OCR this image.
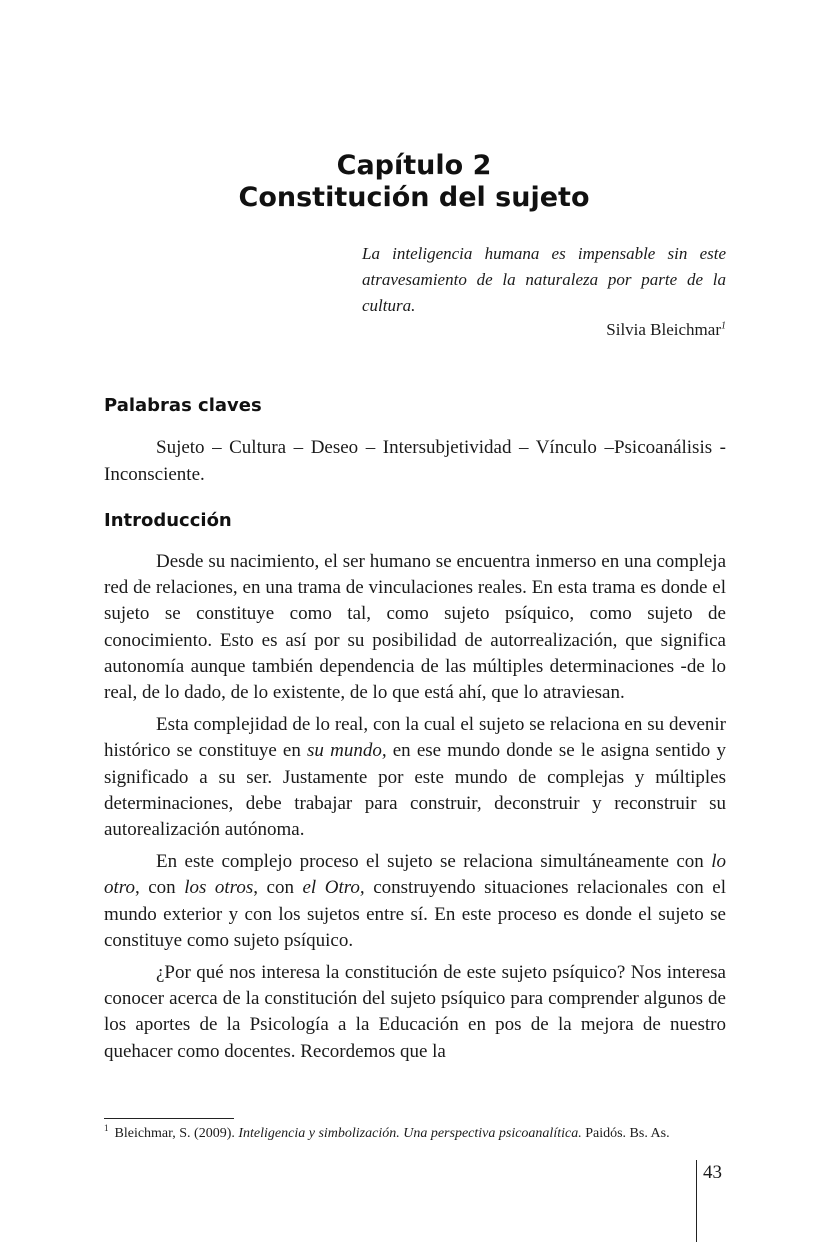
Capítulo 2
Constitución del sujeto
La inteligencia humana es impensable sin este atravesamiento de la naturaleza por parte de la cultura.
Silvia Bleichmar$^1$
Palabras claves
Sujeto – Cultura – Deseo – Intersubjetividad – Vínculo –Psicoanálisis - Inconsciente.
Introducción

Desde su nacimiento, el ser humano se encuentra inmerso en una compleja red de relaciones, en una trama de vinculaciones reales. En esta trama es donde el sujeto se constituye como tal, como sujeto psíquico, como sujeto de conocimiento. Esto es así por su posibilidad de autorrealización, que significa autonomía aunque también dependencia de las múltiples determinaciones -de lo real, de lo dado, de lo existente, de lo que está ahí, que lo atraviesan.

Esta complejidad de lo real, con la cual el sujeto se relaciona en su devenir histórico se constituye en su mundo, en ese mundo donde se le asigna sentido y significado a su ser. Justamente por este mundo de complejas y múltiples determinaciones, debe trabajar para construir, deconstruir y reconstruir su autorealización autónoma.

En este complejo proceso el sujeto se relaciona simultáneamente con lo otro, con los otros, con el Otro, construyendo situaciones relacionales con el mundo exterior y con los sujetos entre sí. En este proceso es donde el sujeto se constituye como sujeto psíquico.

¿Por qué nos interesa la constitución de este sujeto psíquico? Nos interesa conocer acerca de la constitución del sujeto psíquico para comprender algunos de los aportes de la Psicología a la Educación en pos de la mejora de nuestro quehacer como docentes. Recordemos que la

$^1$ Bleichmar, S. (2009). Inteligencia y simbolización. Una perspectiva psicoanalítica. Paidós. Bs. As.
43
